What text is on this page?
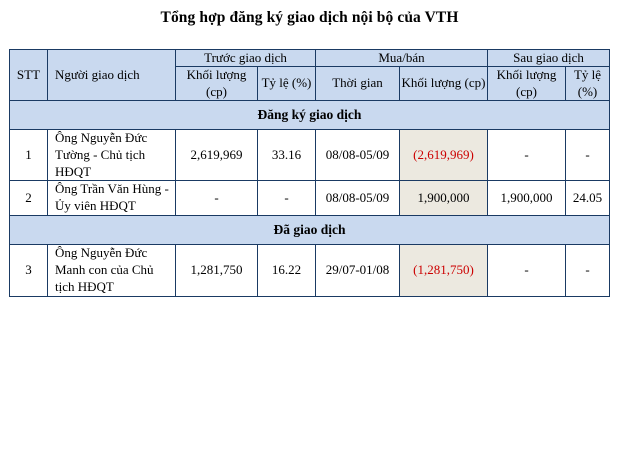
Tổng hợp đăng ký giao dịch nội bộ của VTH
STT	Người giao dịch	Trước giao dịch		Mua/bán		Sau giao dịch	
		Khối lượng (cp)	Tỷ lệ (%)	Thời gian	Khối lượng (cp)	Khối lượng (cp)	Tỷ lệ (%)
Đăng ký giao dịch							
1	Ông Nguyễn Đức Tường - Chủ tịch HĐQT	2,619,969	33.16	08/08-05/09	(2,619,969)	-	-
2	Ông Trần Văn Hùng - Ủy viên HĐQT	-	-	08/08-05/09	1,900,000	1,900,000	24.05
Đã giao dịch							
3	Ông Nguyễn Đức Manh con của Chủ tịch HĐQT	1,281,750	16.22	29/07-01/08	(1,281,750)	-	-
